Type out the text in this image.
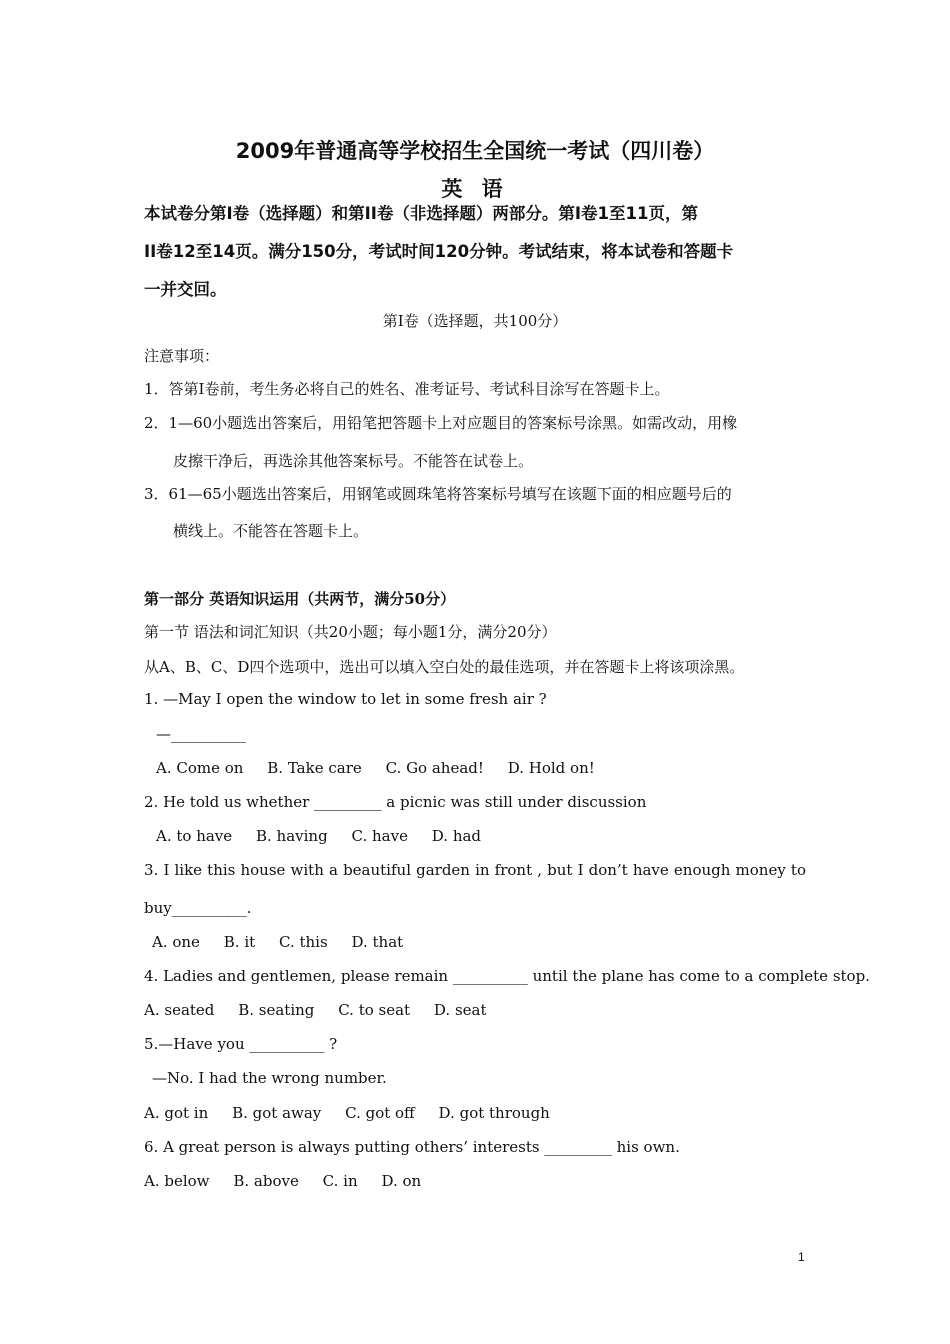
2009年普通高等学校招生全国统一考试（四川卷）
英 语
本试卷分第I卷（选择题）和第II卷（非选择题）两部分。第I卷1至11页，第
II卷12至14页。满分150分，考试时间120分钟。考试结束，将本试卷和答题卡
一并交回。
第I卷（选择题，共100分）
注意事项：
1．答第I卷前，考生务必将自己的姓名、准考证号、考试科目涂写在答题卡上。
2．1—60小题选出答案后，用铅笔把答题卡上对应题目的答案标号涂黑。如需改动，用橡
皮擦干净后，再选涂其他答案标号。不能答在试卷上。
3．61—65小题选出答案后，用钢笔或圆珠笔将答案标号填写在该题下面的相应题号后的
横线上。不能答在答题卡上。
第一部分 英语知识运用（共两节，满分50分）
第一节 语法和词汇知识（共20小题；每小题1分，满分20分）
从A、B、C、D四个选项中，选出可以填入空白处的最佳选项，并在答题卡上将该项涂黑。
1. —May I open the window to let in some fresh air ?
—__________
A. Come on     B. Take care     C. Go ahead!     D. Hold on!
2. He told us whether _________ a picnic was still under discussion
A. to have     B. having     C. have     D. had
3. I like this house with a beautiful garden in front , but I don’t have enough money to
buy__________.
A. one     B. it     C. this     D. that
4. Ladies and gentlemen, please remain __________ until the plane has come to a complete stop.
A. seated     B. seating     C. to seat     D. seat
5.—Have you __________ ?
—No. I had the wrong number.
A. got in     B. got away     C. got off     D. got through
6. A great person is always putting others’ interests _________ his own.
A. below     B. above     C. in     D. on
1
